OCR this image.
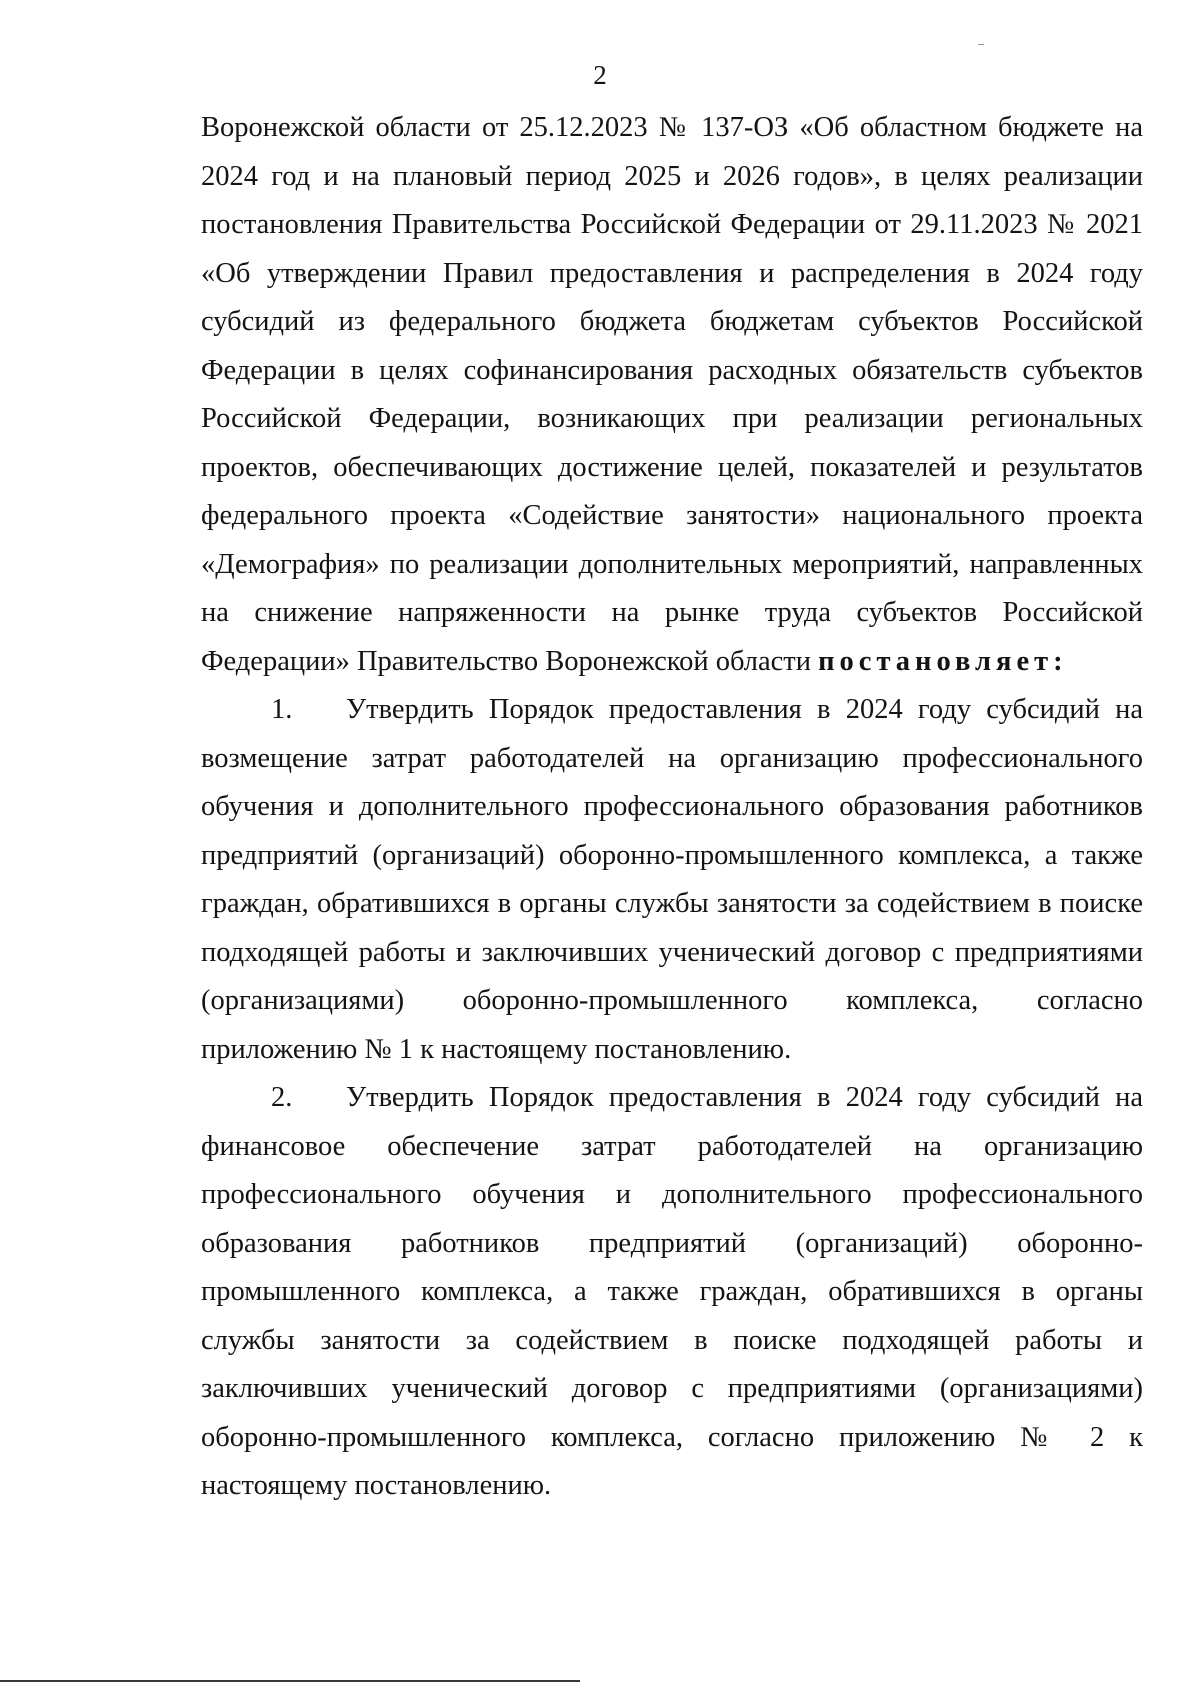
2

Воронежской области от 25.12.2023 № 137-ОЗ «Об областном бюджете на 2024 год и на плановый период 2025 и 2026 годов», в целях реализации постановления Правительства Российской Федерации от 29.11.2023 № 2021 «Об утверждении Правил предоставления и распределения в 2024 году субсидий из федерального бюджета бюджетам субъектов Российской Федерации в целях софинансирования расходных обязательств субъектов Российской Федерации, возникающих при реализации региональных проектов, обеспечивающих достижение целей, показателей и результатов федерального проекта «Содействие занятости» национального проекта «Демография» по реализации дополнительных мероприятий, направленных на снижение напряженности на рынке труда субъектов Российской Федерации» Правительство Воронежской области постановляет:

1. Утвердить Порядок предоставления в 2024 году субсидий на возмещение затрат работодателей на организацию профессионального обучения и дополнительного профессионального образования работников предприятий (организаций) оборонно-промышленного комплекса, а также граждан, обратившихся в органы службы занятости за содействием в поиске подходящей работы и заключивших ученический договор с предприятиями (организациями) оборонно-промышленного комплекса, согласно приложению № 1 к настоящему постановлению.

2. Утвердить Порядок предоставления в 2024 году субсидий на финансовое обеспечение затрат работодателей на организацию профессионального обучения и дополнительного профессионального образования работников предприятий (организаций) оборонно-промышленного комплекса, а также граждан, обратившихся в органы службы занятости за содействием в поиске подходящей работы и заключивших ученический договор с предприятиями (организациями) оборонно-промышленного комплекса, согласно приложению № 2 к настоящему постановлению.
